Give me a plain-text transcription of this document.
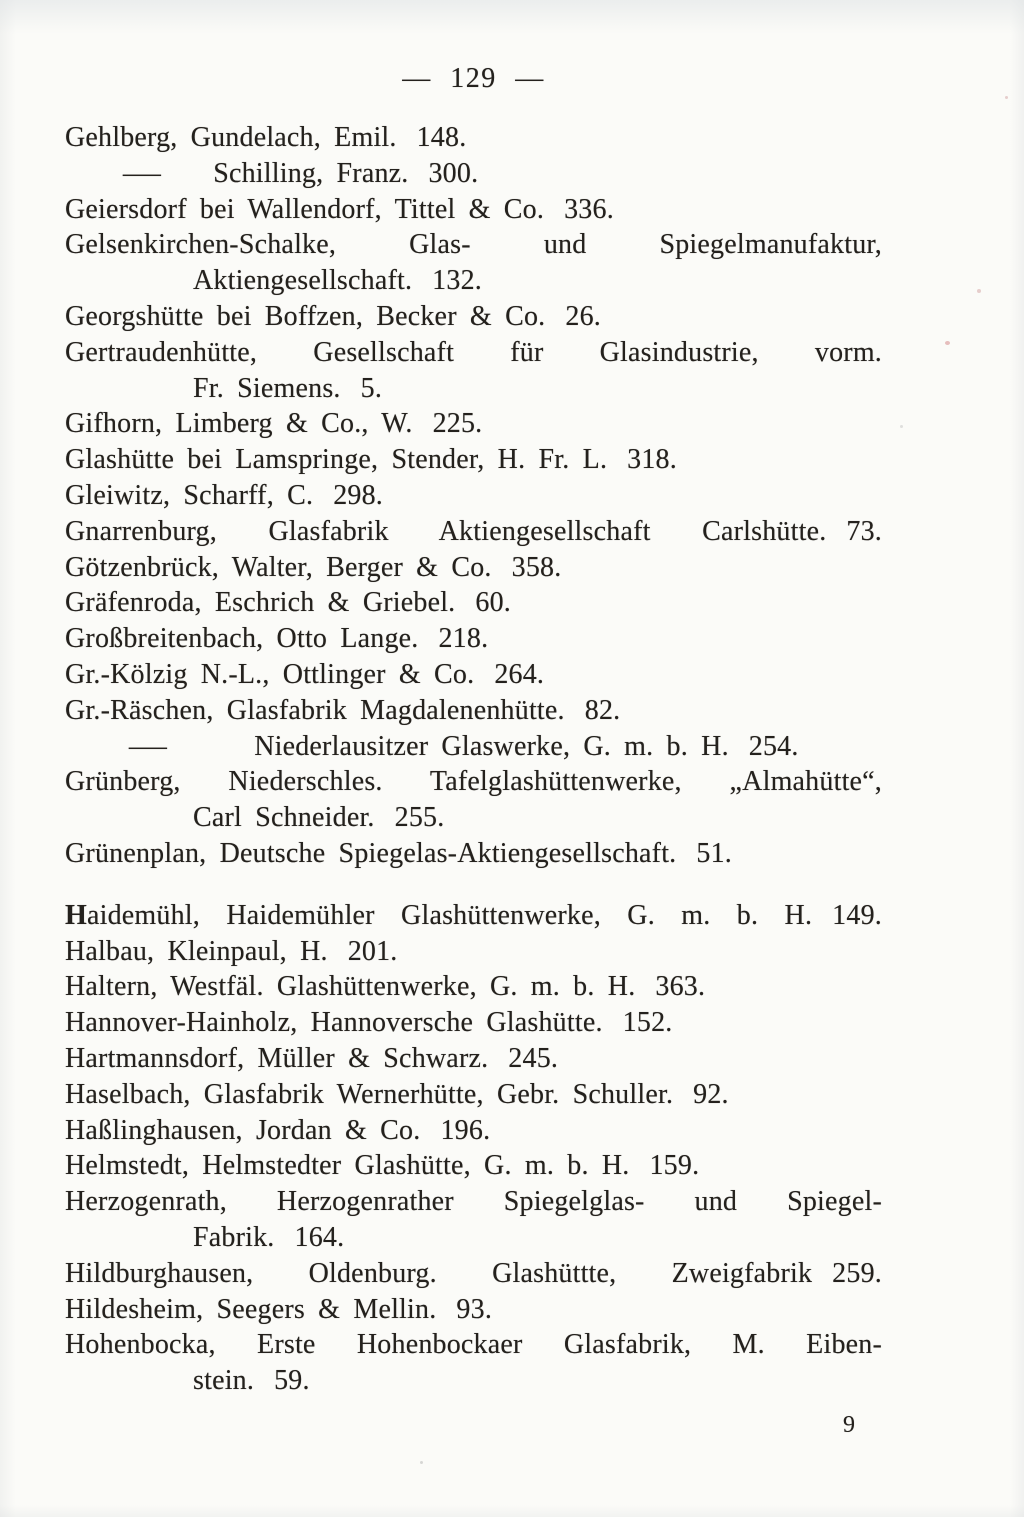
— 129 —
Gehlberg, Gundelach, Emil.  148.
— Schilling, Franz.  300.
Geiersdorf bei Wallendorf, Tittel & Co.  336.
Gelsenkirchen-Schalke, Glas- und Spiegelmanufaktur,
Aktiengesellschaft.  132.
Georgshütte bei Boffzen, Becker & Co.  26.
Gertraudenhütte, Gesellschaft für Glasindustrie, vorm.
Fr. Siemens.  5.
Gifhorn, Limberg & Co., W.  225.
Glashütte bei Lamspringe, Stender, H. Fr. L.  318.
Gleiwitz, Scharff, C.  298.
Gnarrenburg, Glasfabrik Aktiengesellschaft Carlshütte.  73.
Götzenbrück, Walter, Berger & Co.  358.
Gräfenroda, Eschrich & Griebel.  60.
Großbreitenbach, Otto Lange.  218.
Gr.-Kölzig N.-L., Ottlinger & Co.  264.
Gr.-Räschen, Glasfabrik Magdalenenhütte.  82.
—	Niederlausitzer Glaswerke, G. m. b. H.  254.
Grünberg, Niederschles. Tafelglashüttenwerke, „Almahütte“,
Carl Schneider.  255.
Grünenplan, Deutsche Spiegelas-Aktiengesellschaft.  51.
Haidemühl, Haidemühler Glashüttenwerke, G. m. b. H.  149.
Halbau, Kleinpaul, H.  201.
Haltern, Westfäl. Glashüttenwerke, G. m. b. H.  363.
Hannover-Hainholz, Hannoversche Glashütte.  152.
Hartmannsdorf, Müller & Schwarz.  245.
Haselbach, Glasfabrik Wernerhütte, Gebr. Schuller.  92.
Haßlinghausen, Jordan & Co.  196.
Helmstedt, Helmstedter Glashütte, G. m. b. H.  159.
Herzogenrath, Herzogenrather Spiegelglas- und Spiegel-
Fabrik.  164.
Hildburghausen, Oldenburg. Glashüttte, Zweigfabrik  259.
Hildesheim, Seegers & Mellin.  93.
Hohenbocka, Erste Hohenbockaer Glasfabrik, M. Eiben-
stein.  59.
9
